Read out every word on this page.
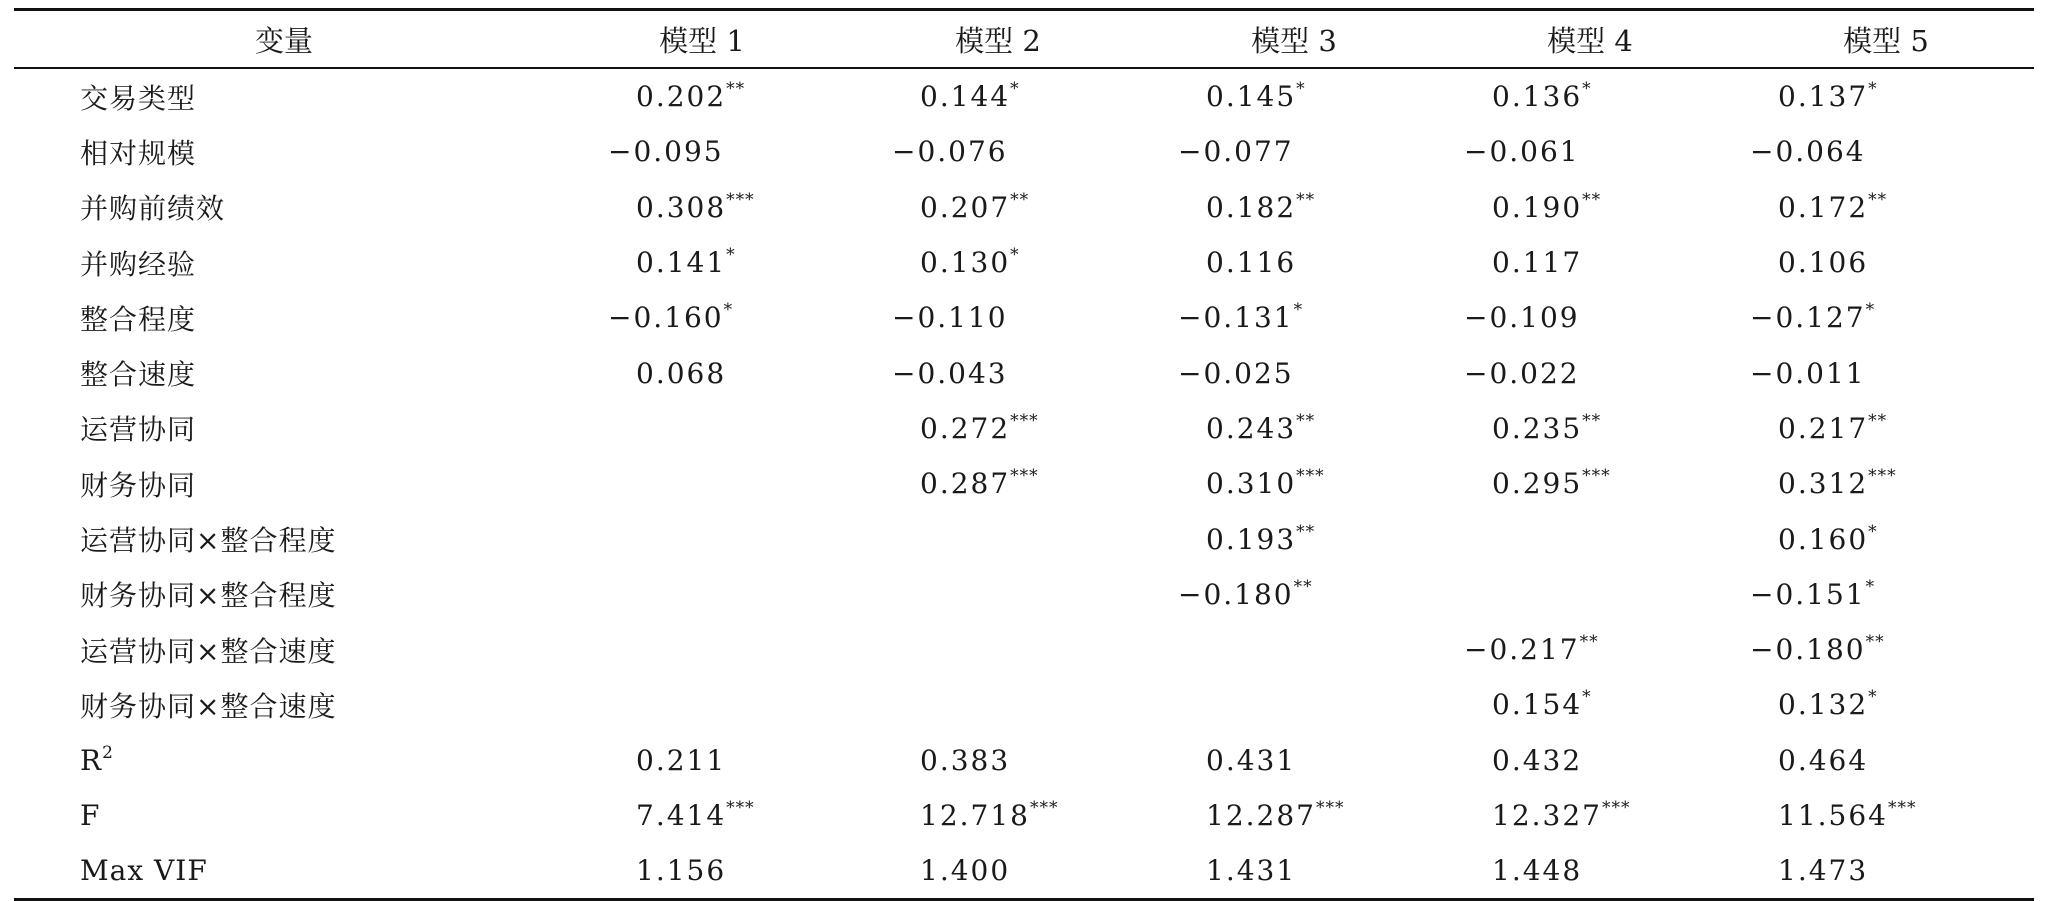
变量	模型 1	模型 2	模型 3	模型 4	模型 5
交易类型	0.202**	0.144*	0.145*	0.136*	0.137*
相对规模	−0.095	−0.076	−0.077	−0.061	−0.064
并购前绩效	0.308***	0.207**	0.182**	0.190**	0.172**
并购经验	0.141*	0.130*	0.116	0.117	0.106
整合程度	−0.160*	−0.110	−0.131*	−0.109	−0.127*
整合速度	0.068	−0.043	−0.025	−0.022	−0.011
运营协同		0.272***	0.243**	0.235**	0.217**
财务协同		0.287***	0.310***	0.295***	0.312***
运营协同×整合程度			0.193**		0.160*
财务协同×整合程度			−0.180**		−0.151*
运营协同×整合速度				−0.217**	−0.180**
财务协同×整合速度				0.154*	0.132*
$R^2$	0.211	0.383	0.431	0.432	0.464
F	7.414***	12.718***	12.287***	12.327***	11.564***
Max VIF	1.156	1.400	1.431	1.448	1.473
